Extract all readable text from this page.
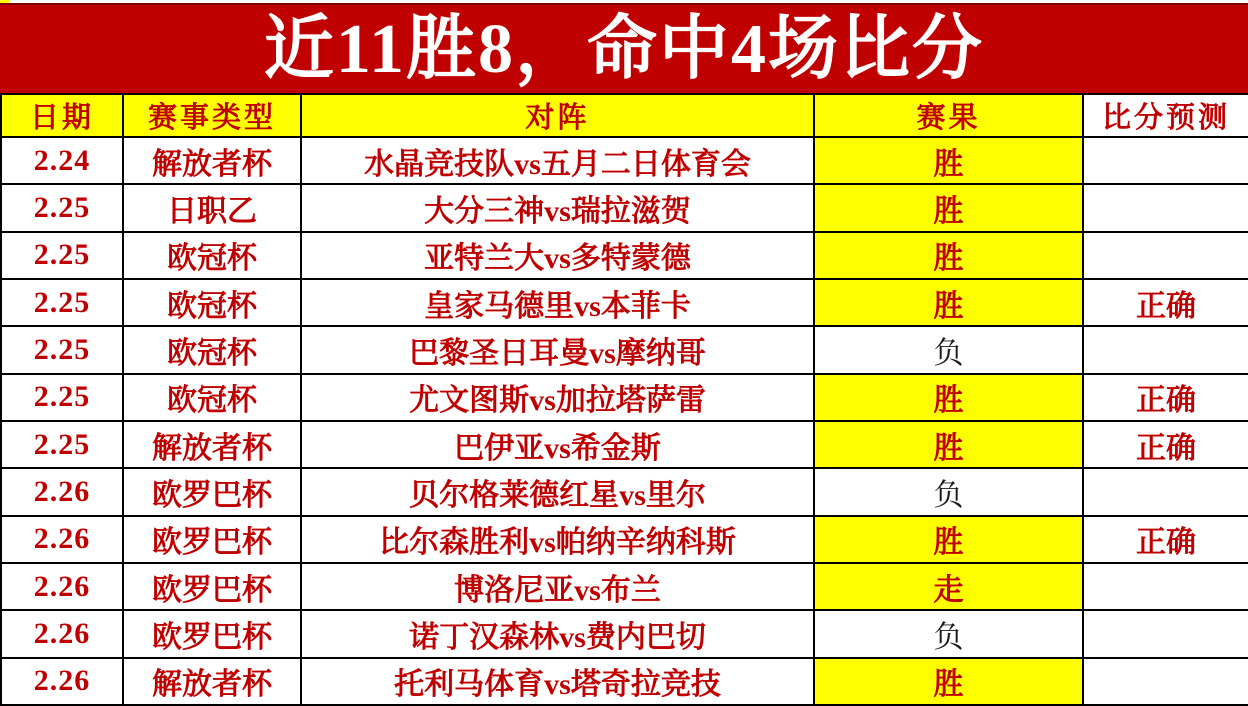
近11胜8，命中4场比分
日期	赛事类型	对阵	赛果	比分预测
2.24	解放者杯	水晶竞技队vs五月二日体育会	胜	
2.25	日职乙	大分三神vs瑞拉滋贺	胜	
2.25	欧冠杯	亚特兰大vs多特蒙德	胜	
2.25	欧冠杯	皇家马德里vs本菲卡	胜	正确
2.25	欧冠杯	巴黎圣日耳曼vs摩纳哥	负	
2.25	欧冠杯	尤文图斯vs加拉塔萨雷	胜	正确
2.25	解放者杯	巴伊亚vs希金斯	胜	正确
2.26	欧罗巴杯	贝尔格莱德红星vs里尔	负	
2.26	欧罗巴杯	比尔森胜利vs帕纳辛纳科斯	胜	正确
2.26	欧罗巴杯	博洛尼亚vs布兰	走	
2.26	欧罗巴杯	诺丁汉森林vs费内巴切	负	
2.26	解放者杯	托利马体育vs塔奇拉竞技	胜	
